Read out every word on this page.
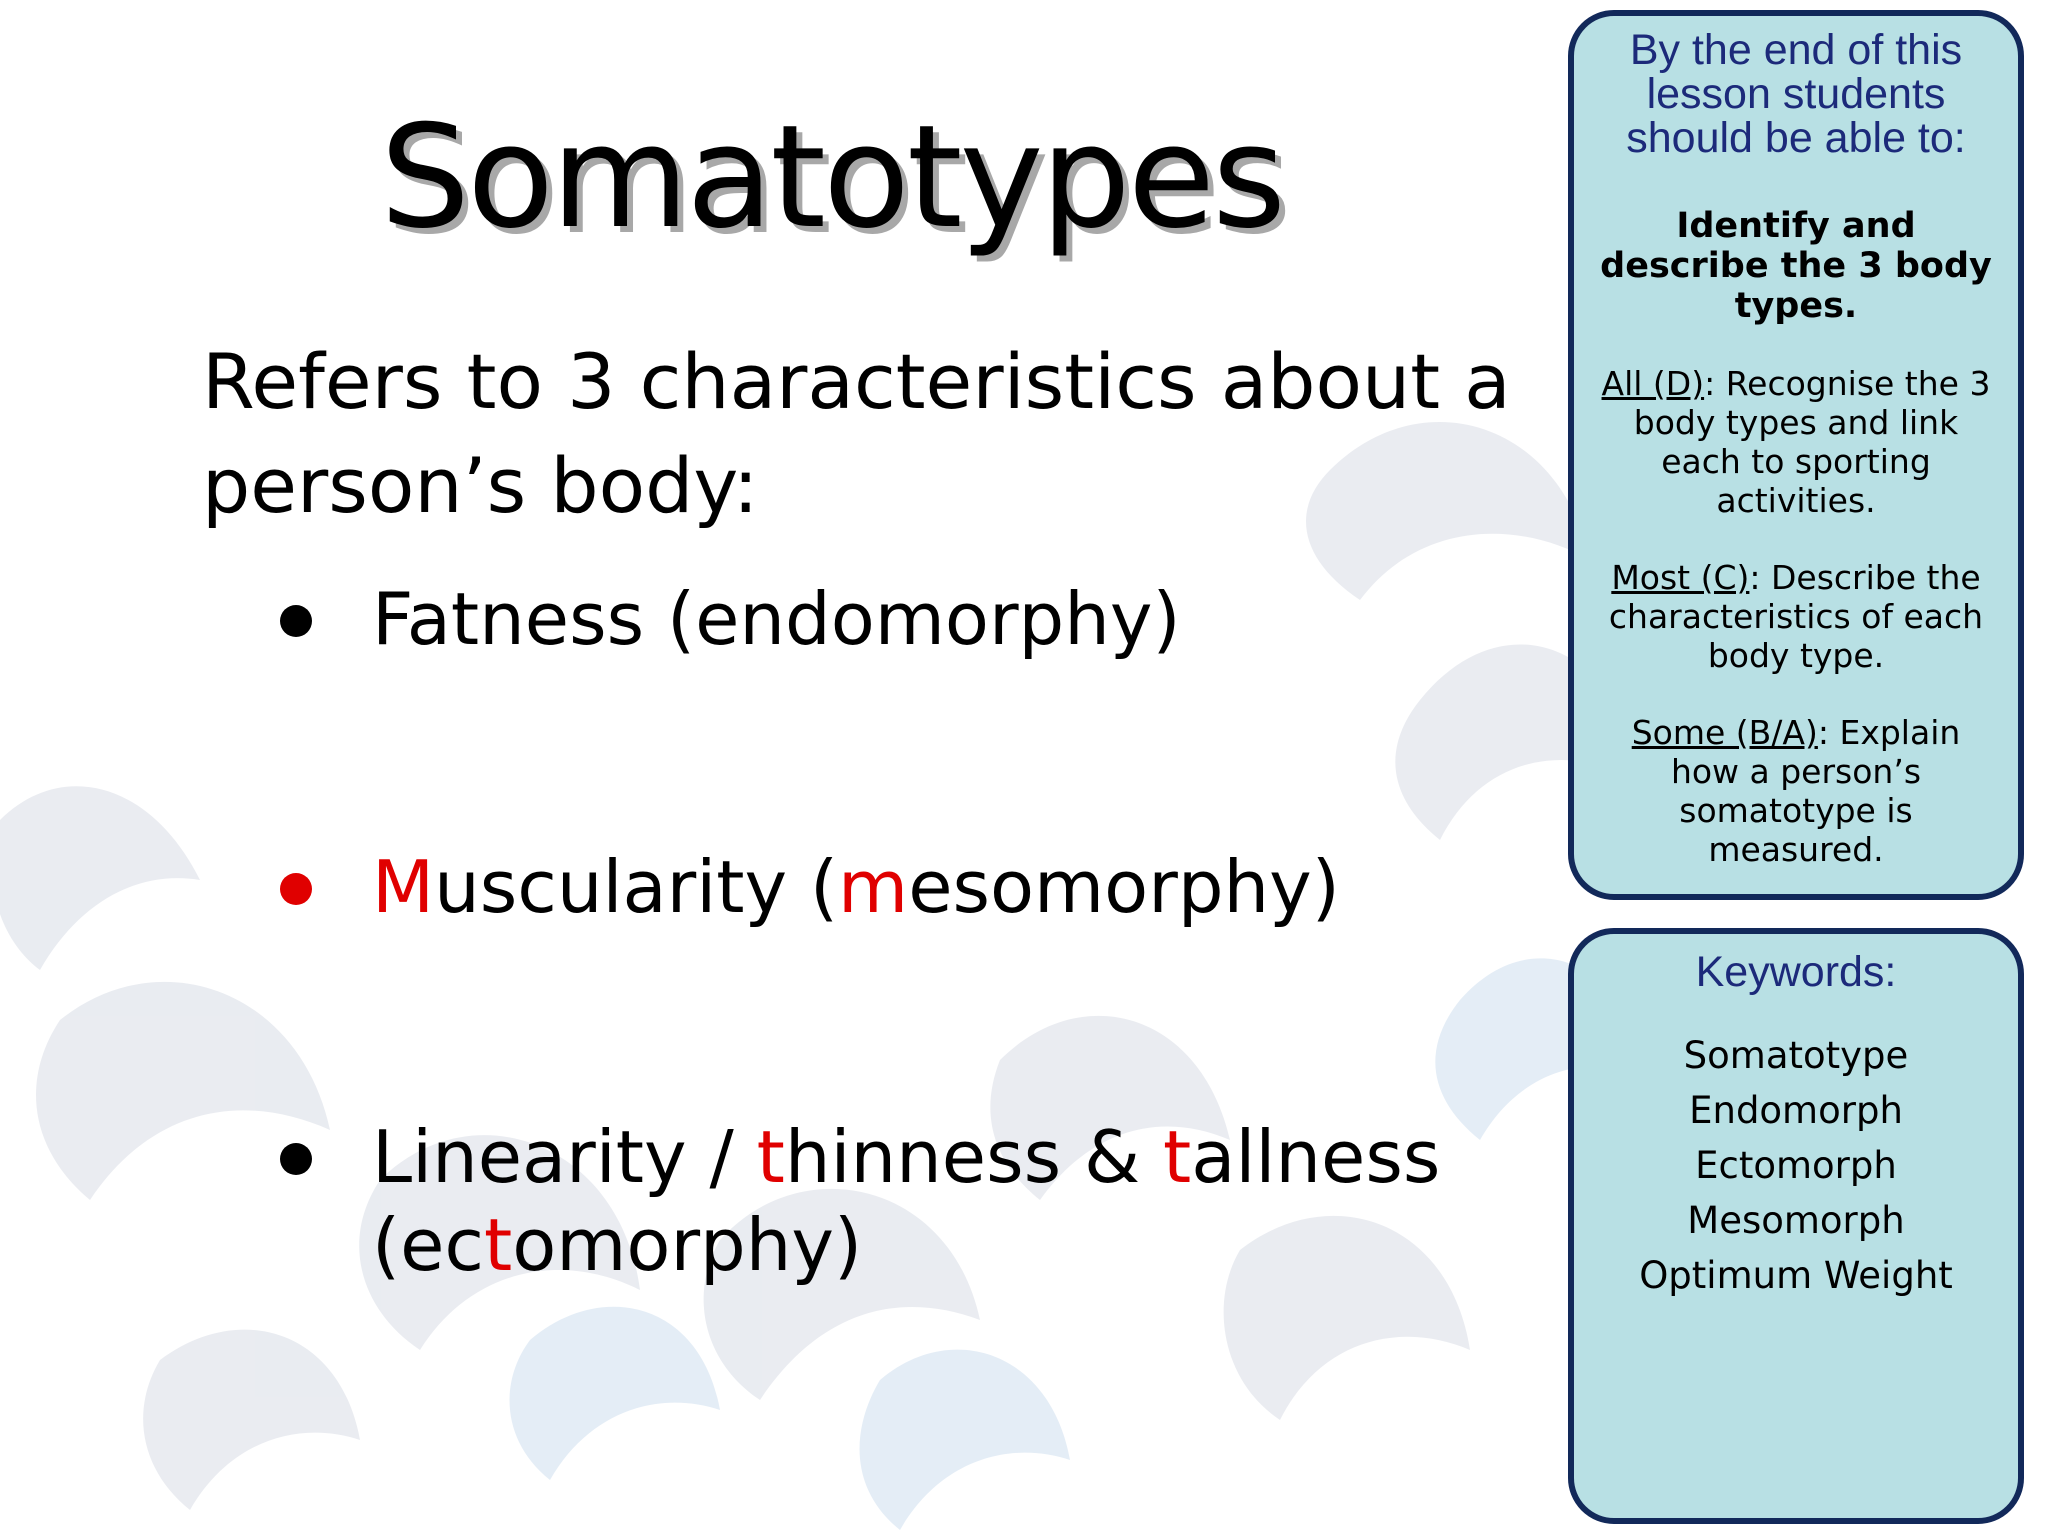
Somatotypes
Refers to 3 characteristics about a person’s body:
Fatness (endomorphy)
Muscularity (mesomorphy)
Linearity / thinness & tallness
(ectomorphy)
By the end of this lesson students should be able to:
Identify and describe the 3 body types.
All (D): Recognise the 3 body types and link each to sporting activities.
Most (C): Describe the characteristics of each body type.
Some (B/A): Explain how a person’s somatotype is measured.
Keywords:
Somatotype
Endomorph
Ectomorph
Mesomorph
Optimum Weight
